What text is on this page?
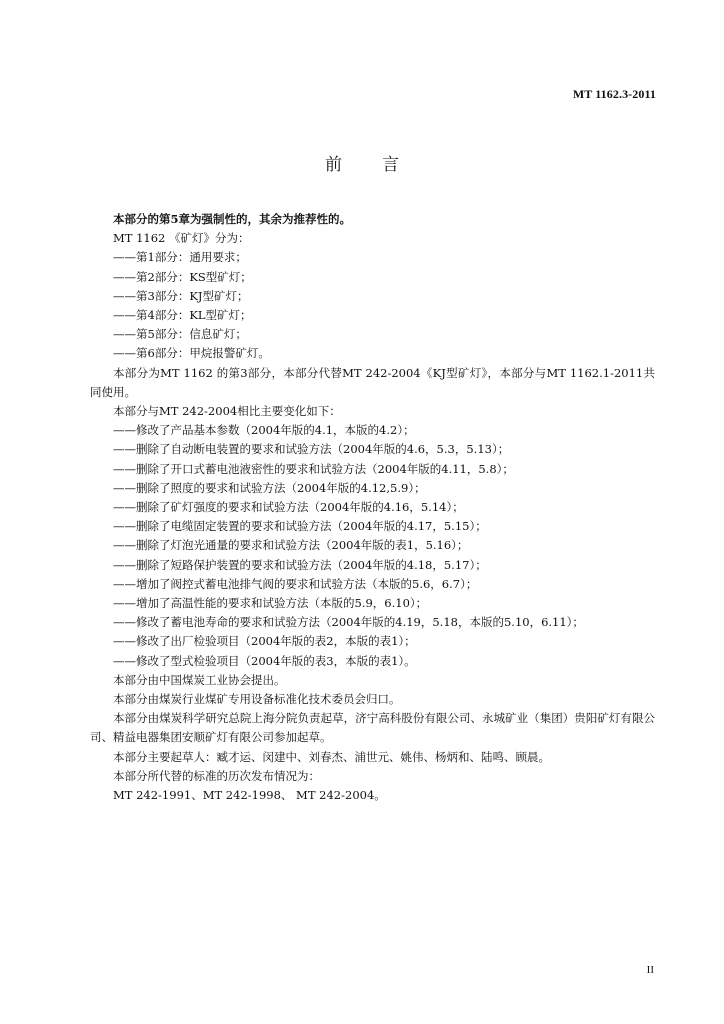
MT 1162.3-2011
前言

本部分的第5章为强制性的，其余为推荐性的。

MT 1162 《矿灯》分为：

——第1部分：通用要求；

——第2部分：KS型矿灯；

——第3部分：KJ型矿灯；

——第4部分：KL型矿灯；

——第5部分：信息矿灯；

——第6部分：甲烷报警矿灯。

本部分为MT 1162 的第3部分，本部分代替MT 242-2004《KJ型矿灯》，本部分与MT 1162.1-2011共同使用。

本部分与MT 242-2004相比主要变化如下：

——修改了产品基本参数（2004年版的4.1，本版的4.2）；

——删除了自动断电装置的要求和试验方法（2004年版的4.6，5.3，5.13）；

——删除了开口式蓄电池液密性的要求和试验方法（2004年版的4.11，5.8）；

——删除了照度的要求和试验方法（2004年版的4.12,5.9）；

——删除了矿灯强度的要求和试验方法（2004年版的4.16，5.14）；

——删除了电缆固定装置的要求和试验方法（2004年版的4.17，5.15）；

——删除了灯泡光通量的要求和试验方法（2004年版的表1，5.16）；

——删除了短路保护装置的要求和试验方法（2004年版的4.18，5.17）；

——增加了阀控式蓄电池排气阀的要求和试验方法（本版的5.6，6.7）；

——增加了高温性能的要求和试验方法（本版的5.9，6.10）；

——修改了蓄电池寿命的要求和试验方法（2004年版的4.19，5.18，本版的5.10，6.11）；

——修改了出厂检验项目（2004年版的表2，本版的表1）；

——修改了型式检验项目（2004年版的表3，本版的表1）。

本部分由中国煤炭工业协会提出。

本部分由煤炭行业煤矿专用设备标准化技术委员会归口。

本部分由煤炭科学研究总院上海分院负责起草，济宁高科股份有限公司、永城矿业（集团）贵阳矿灯有限公司、精益电器集团安顺矿灯有限公司参加起草。

本部分主要起草人：臧才运、闵建中、刘春杰、浦世元、姚伟、杨炳和、陆鸣、顾晨。

本部分所代替的标准的历次发布情况为：

MT 242-1991、MT 242-1998、 MT 242-2004。

II
